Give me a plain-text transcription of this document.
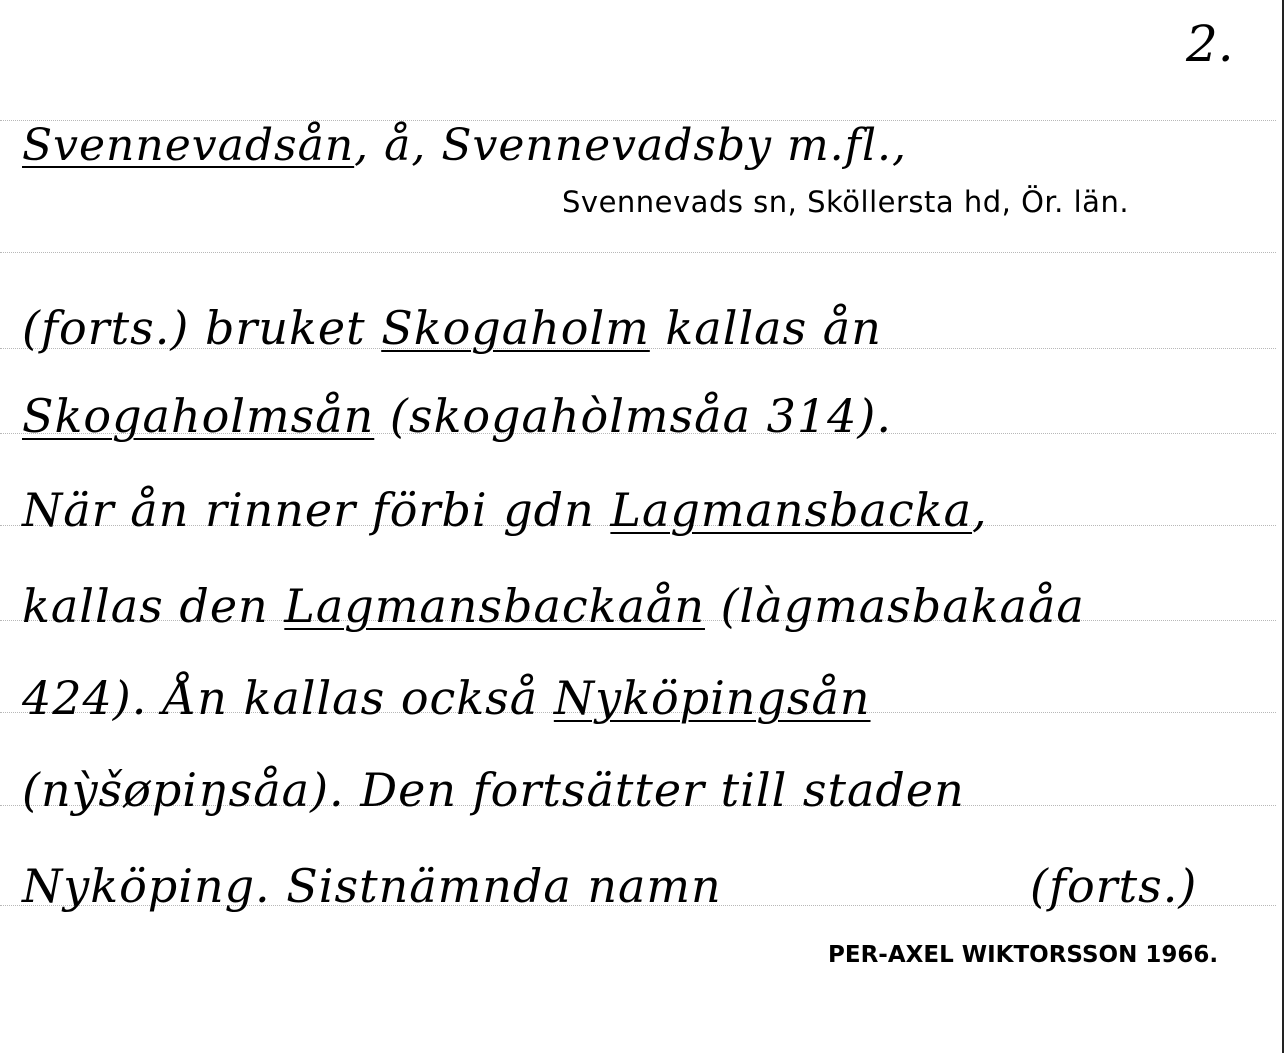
2.
Svennevadsån, å, Svennevadsby m.fl.,
Svennevads sn, Sköllersta hd, Ör. län.
(forts.) bruket Skogaholm kallas ån
Skogaholmsån (skogahòlmsåa 314).
När ån rinner förbi gdn Lagmansbacka,
kallas den Lagmansbackaån (làgmasbakaåa
424). Ån kallas också Nyköpingsån
(nỳšøpiŋsåa). Den fortsätter till staden
Nyköping. Sistnämnda namn	(forts.)
PER-AXEL WIKTORSSON 1966.
